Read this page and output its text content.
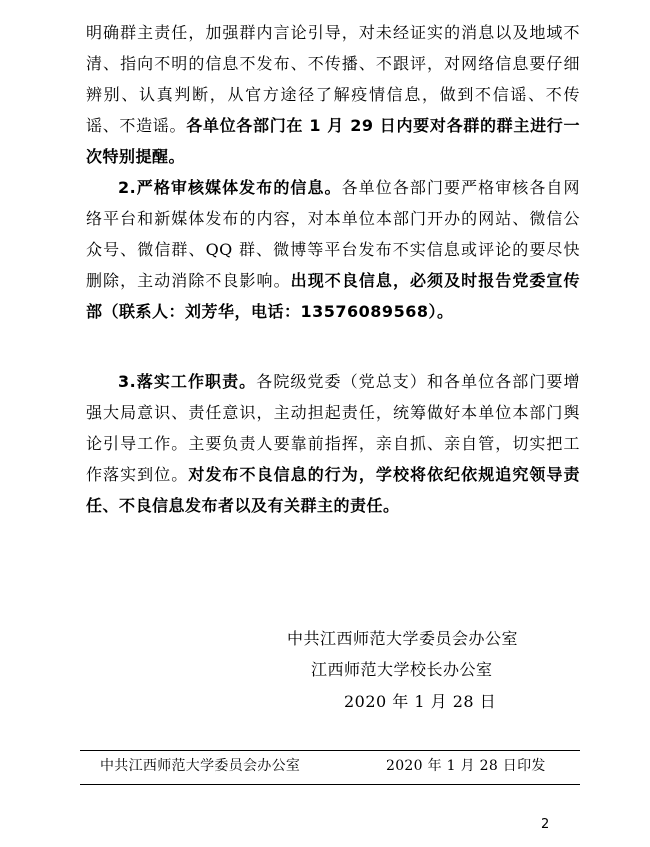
明确群主责任，加强群内言论引导，对未经证实的消息以及地域不清、指向不明的信息不发布、不传播、不跟评，对网络信息要仔细辨别、认真判断，从官方途径了解疫情信息，做到不信谣、不传谣、不造谣。各单位各部门在 1 月 29 日内要对各群的群主进行一次特别提醒。

2.严格审核媒体发布的信息。各单位各部门要严格审核各自网络平台和新媒体发布的内容，对本单位本部门开办的网站、微信公众号、微信群、QQ 群、微博等平台发布不实信息或评论的要尽快删除，主动消除不良影响。出现不良信息，必须及时报告党委宣传部（联系人：刘芳华，电话：13576089568）。

3.落实工作职责。各院级党委（党总支）和各单位各部门要增强大局意识、责任意识，主动担起责任，统筹做好本单位本部门舆论引导工作。主要负责人要靠前指挥，亲自抓、亲自管，切实把工作落实到位。对发布不良信息的行为，学校将依纪依规追究领导责任、不良信息发布者以及有关群主的责任。

中共江西师范大学委员会办公室
江西师范大学校长办公室
2020 年 1 月 28 日
中共江西师范大学委员会办公室	2020 年 1 月 28 日印发
2
